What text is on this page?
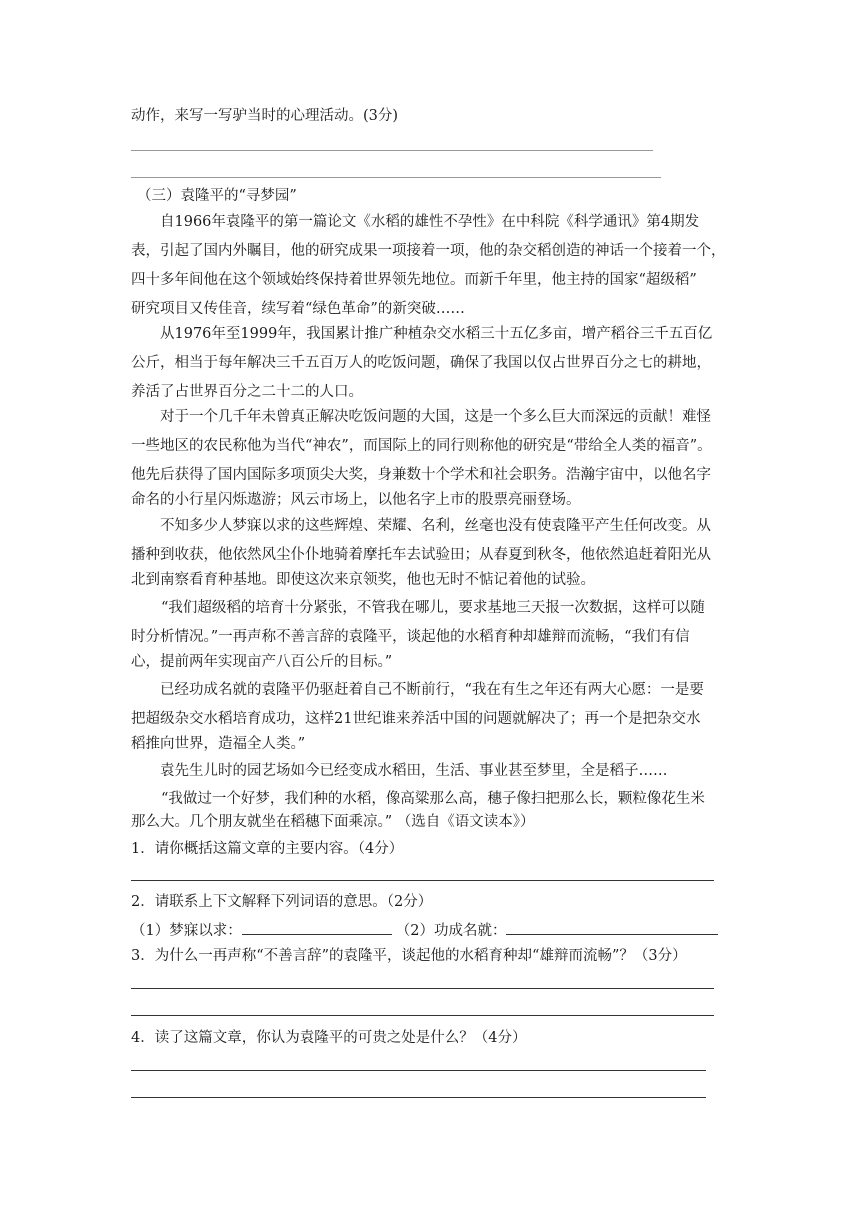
动作，来写一写驴当时的心理活动。(3分)
（三）袁隆平的“寻梦园”
自1966年袁隆平的第一篇论文《水稻的雄性不孕性》在中科院《科学通讯》第4期发
表，引起了国内外瞩目，他的研究成果一项接着一项，他的杂交稻创造的神话一个接着一个，
四十多年间他在这个领域始终保持着世界领先地位。而新千年里，他主持的国家“超级稻”
研究项目又传佳音，续写着“绿色革命”的新突破……
从1976年至1999年，我国累计推广种植杂交水稻三十五亿多亩，增产稻谷三千五百亿
公斤，相当于每年解决三千五百万人的吃饭问题，确保了我国以仅占世界百分之七的耕地，
养活了占世界百分之二十二的人口。
对于一个几千年未曾真正解决吃饭问题的大国，这是一个多么巨大而深远的贡献！难怪
一些地区的农民称他为当代“神农”，而国际上的同行则称他的研究是“带给全人类的福音”。
他先后获得了国内国际多项顶尖大奖，身兼数十个学术和社会职务。浩瀚宇宙中，以他名字
命名的小行星闪烁遨游；风云市场上，以他名字上市的股票亮丽登场。
不知多少人梦寐以求的这些辉煌、荣耀、名利，丝毫也没有使袁隆平产生任何改变。从
播种到收获，他依然风尘仆仆地骑着摩托车去试验田；从春夏到秋冬，他依然追赶着阳光从
北到南察看育种基地。即使这次来京领奖，他也无时不惦记着他的试验。
“我们超级稻的培育十分紧张，不管我在哪儿，要求基地三天报一次数据，这样可以随
时分析情况。”一再声称不善言辞的袁隆平，谈起他的水稻育种却雄辩而流畅，“我们有信
心，提前两年实现亩产八百公斤的目标。”
已经功成名就的袁隆平仍驱赶着自己不断前行，“我在有生之年还有两大心愿：一是要
把超级杂交水稻培育成功，这样21世纪谁来养活中国的问题就解决了；再一个是把杂交水
稻推向世界，造福全人类。”
袁先生儿时的园艺场如今已经变成水稻田，生活、事业甚至梦里，全是稻子……
“我做过一个好梦，我们种的水稻，像高粱那么高，穗子像扫把那么长，颗粒像花生米
那么大。几个朋友就坐在稻穗下面乘凉。” （选自《语文读本》）
1．请你概括这篇文章的主要内容。（4分）
2．请联系上下文解释下列词语的意思。（2分）
（1）梦寐以求：	（2）功成名就：
3．为什么一再声称“不善言辞”的袁隆平，谈起他的水稻育种却“雄辩而流畅”？（3分）
4．读了这篇文章，你认为袁隆平的可贵之处是什么？（4分）
